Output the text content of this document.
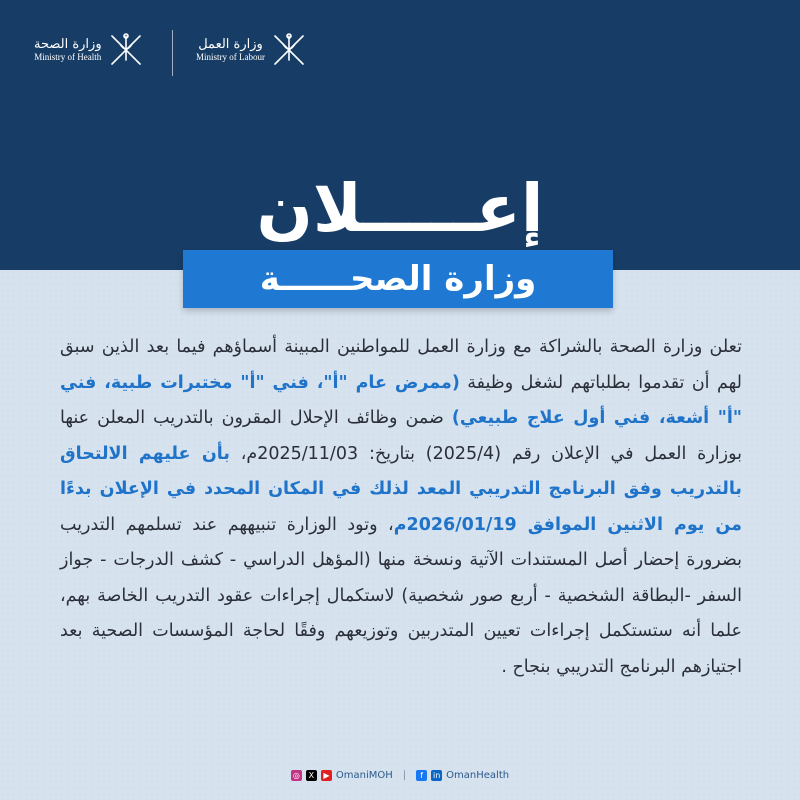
وزارة الصحة
Ministry of Health
وزارة العمل
Ministry of Labour
إعـــــلان
وزارة الصحــــــة
تعلن وزارة الصحة بالشراكة مع وزارة العمل للمواطنين المبينة أسماؤهم فيما بعد الذين سبق لهم أن تقدموا بطلباتهم لشغل وظيفة (ممرض عام "أ"، فني "أ" مختبرات طبية، فني "أ" أشعة، فني أول علاج طبيعي) ضمن وظائف الإحلال المقرون بالتدريب المعلن عنها بوزارة العمل في الإعلان رقم (2025/4) بتاريخ: 2025/11/03م، بأن عليهم الالتحاق بالتدريب وفق البرنامج التدريبي المعد لذلك في المكان المحدد في الإعلان بدءًا من يوم الاثنين الموافق 2026/01/19م، وتود الوزارة تنبيههم عند تسلمهم التدريب بضرورة إحضار أصل المستندات الآتية ونسخة منها (المؤهل الدراسي - كشف الدرجات - جواز السفر -البطاقة الشخصية - أربع صور شخصية) لاستكمال إجراءات عقود التدريب الخاصة بهم، علما أنه ستستكمل إجراءات تعيين المتدربين وتوزيعهم وفقًا لحاجة المؤسسات الصحية بعد اجتيازهم البرنامج التدريبي بنجاح .
◎	X	▶ OmaniMOH |	f	in OmanHealth
